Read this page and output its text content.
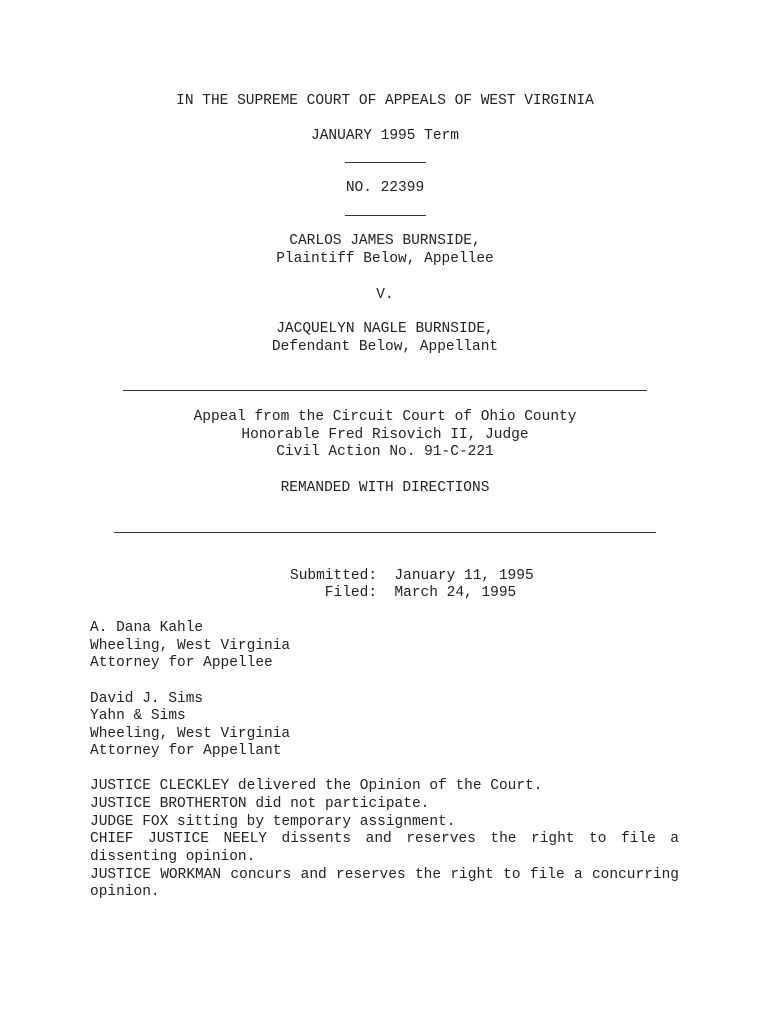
IN THE SUPREME COURT OF APPEALS OF WEST VIRGINIA
JANUARY 1995 Term
NO. 22399
CARLOS JAMES BURNSIDE,
Plaintiff Below, Appellee
V.
JACQUELYN NAGLE BURNSIDE,
Defendant Below, Appellant
Appeal from the Circuit Court of Ohio County
Honorable Fred Risovich II, Judge
Civil Action No. 91-C-221
REMANDED WITH DIRECTIONS
Submitted:  January 11, 1995
Filed:  March 24, 1995
A. Dana Kahle
Wheeling, West Virginia
Attorney for Appellee
David J. Sims
Yahn & Sims
Wheeling, West Virginia
Attorney for Appellant
JUSTICE CLECKLEY delivered the Opinion of the Court.
JUSTICE BROTHERTON did not participate.
JUDGE FOX sitting by temporary assignment.
CHIEF JUSTICE NEELY dissents and reserves the right to file a
dissenting opinion.
JUSTICE WORKMAN concurs and reserves the right to file a concurring
opinion.
